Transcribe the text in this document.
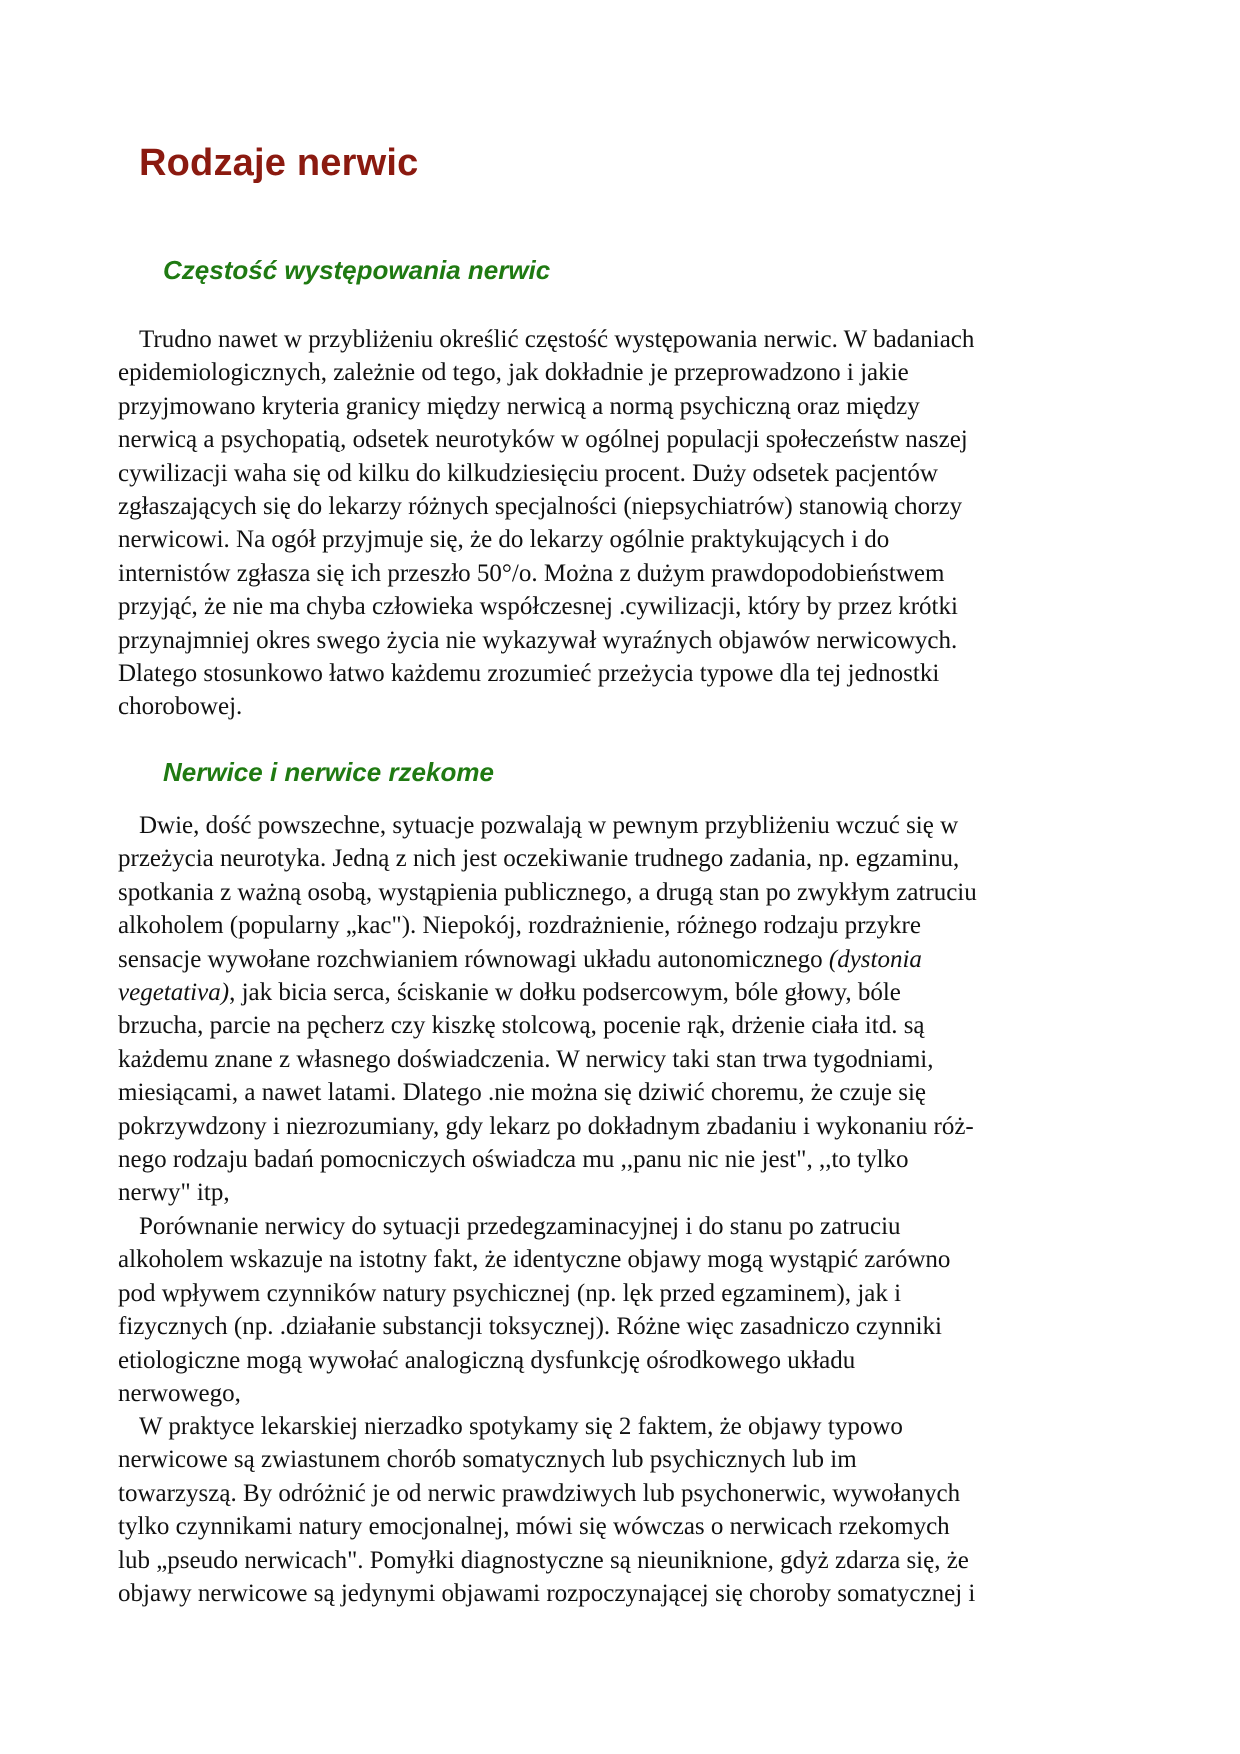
Rodzaje nerwic
Częstość występowania nerwic

Trudno nawet w przybliżeniu określić częstość występowania nerwic. W badaniach
epidemiologicznych, zależnie od tego, jak dokładnie je przeprowadzono i jakie
przyjmowano kryteria granicy między nerwicą a normą psychiczną oraz między
nerwicą a psychopatią, odsetek neurotyków w ogólnej populacji społeczeństw naszej
cywilizacji waha się od kilku do kilkudziesięciu procent. Duży odsetek pacjentów
zgłaszających się do lekarzy różnych specjalności (niepsychiatrów) stanowią chorzy
nerwicowi. Na ogół przyjmuje się, że do lekarzy ogólnie praktykujących i do
internistów zgłasza się ich przeszło 50°/o. Można z dużym prawdopodobieństwem
przyjąć, że nie ma chyba człowieka współczesnej .cywilizacji, który by przez krótki
przynajmniej okres swego życia nie wykazywał wyraźnych objawów nerwicowych.
Dlatego stosunkowo łatwo każdemu zrozumieć przeżycia typowe dla tej jednostki
chorobowej.

Nerwice i nerwice rzekome

Dwie, dość powszechne, sytuacje pozwalają w pewnym przybliżeniu wczuć się w
przeżycia neurotyka. Jedną z nich jest oczekiwanie trudnego zadania, np. egzaminu,
spotkania z ważną osobą, wystąpienia publicznego, a drugą stan po zwykłym zatruciu
alkoholem (popularny „kac"). Niepokój, rozdrażnienie, różnego rodzaju przykre
sensacje wywołane rozchwianiem równowagi układu autonomicznego (dystonia
vegetativa), jak bicia serca, ściskanie w dołku podsercowym, bóle głowy, bóle
brzucha, parcie na pęcherz czy kiszkę stolcową, pocenie rąk, drżenie ciała itd. są
każdemu znane z własnego doświadczenia. W nerwicy taki stan trwa tygodniami,
miesiącami, a nawet latami. Dlatego .nie można się dziwić choremu, że czuje się
pokrzywdzony i niezrozumiany, gdy lekarz po dokładnym zbadaniu i wykonaniu róż-
nego rodzaju badań pomocniczych oświadcza mu ,,panu nic nie jest", ,,to tylko
nerwy" itp,

Porównanie nerwicy do sytuacji przedegzaminacyjnej i do stanu po zatruciu
alkoholem wskazuje na istotny fakt, że identyczne objawy mogą wystąpić zarówno
pod wpływem czynników natury psychicznej (np. lęk przed egzaminem), jak i
fizycznych (np. .działanie substancji toksycznej). Różne więc zasadniczo czynniki
etiologiczne mogą wywołać analogiczną dysfunkcję ośrodkowego układu
nerwowego,

W praktyce lekarskiej nierzadko spotykamy się 2 faktem, że objawy typowo
nerwicowe są zwiastunem chorób somatycznych lub psychicznych lub im
towarzyszą. By odróżnić je od nerwic prawdziwych lub psychonerwic, wywołanych
tylko czynnikami natury emocjonalnej, mówi się wówczas o nerwicach rzekomych
lub „pseudo nerwicach". Pomyłki diagnostyczne są nieuniknione, gdyż zdarza się, że
objawy nerwicowe są jedynymi objawami rozpoczynającej się choroby somatycznej i
